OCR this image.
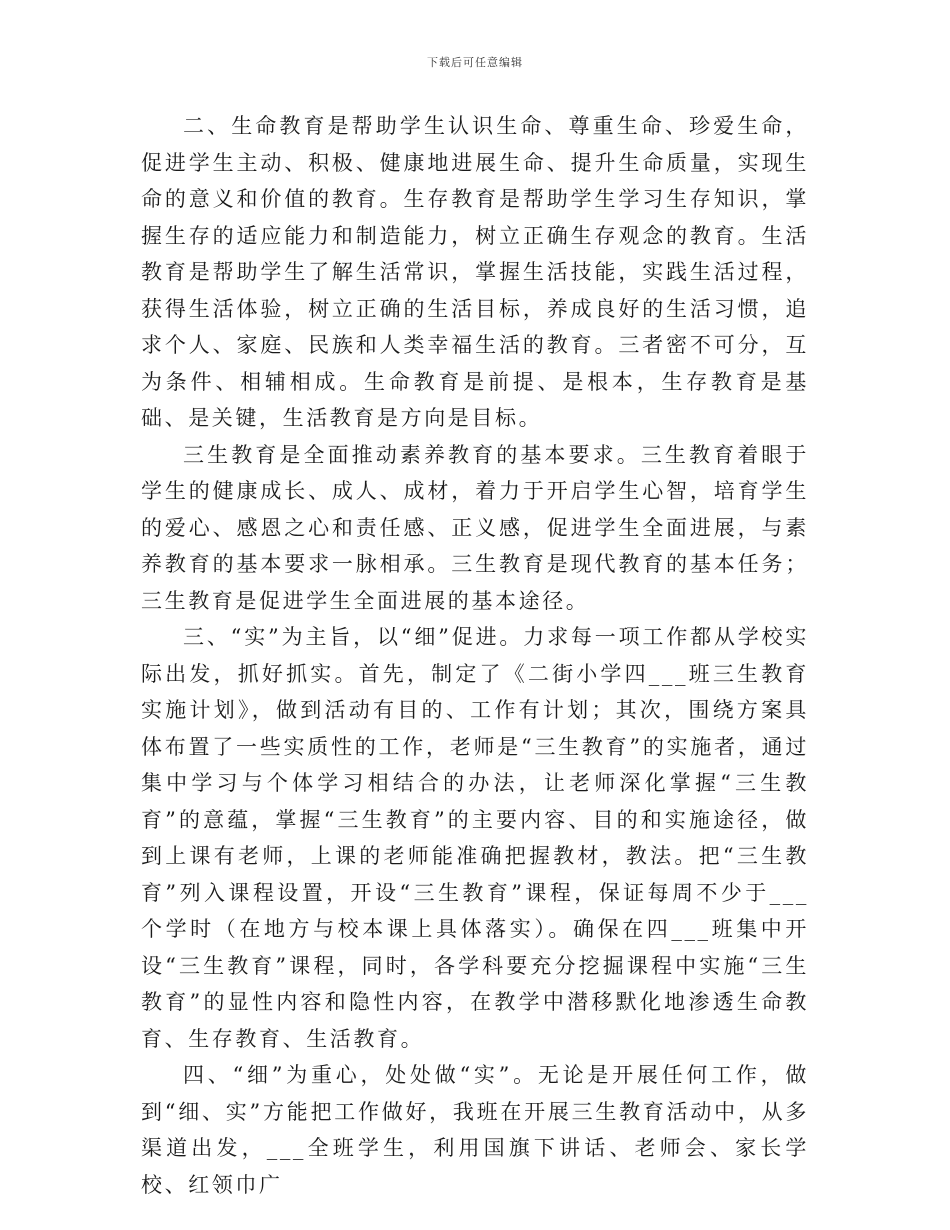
下载后可任意编辑

二、生命教育是帮助学生认识生命、尊重生命、珍爱生命，促进学生主动、积极、健康地进展生命、提升生命质量，实现生命的意义和价值的教育。生存教育是帮助学生学习生存知识，掌握生存的适应能力和制造能力，树立正确生存观念的教育。生活教育是帮助学生了解生活常识，掌握生活技能，实践生活过程，获得生活体验，树立正确的生活目标，养成良好的生活习惯，追求个人、家庭、民族和人类幸福生活的教育。三者密不可分，互为条件、相辅相成。生命教育是前提、是根本，生存教育是基础、是关键，生活教育是方向是目标。

三生教育是全面推动素养教育的基本要求。三生教育着眼于学生的健康成长、成人、成材，着力于开启学生心智，培育学生的爱心、感恩之心和责任感、正义感，促进学生全面进展，与素养教育的基本要求一脉相承。三生教育是现代教育的基本任务；三生教育是促进学生全面进展的基本途径。

三、“实”为主旨，以“细”促进。力求每一项工作都从学校实际出发，抓好抓实。首先，制定了《二街小学四___班三生教育实施计划》，做到活动有目的、工作有计划；其次，围绕方案具体布置了一些实质性的工作，老师是“三生教育”的实施者，通过集中学习与个体学习相结合的办法，让老师深化掌握“三生教育”的意蕴，掌握“三生教育”的主要内容、目的和实施途径，做到上课有老师，上课的老师能准确把握教材，教法。把“三生教育”列入课程设置，开设“三生教育”课程，保证每周不少于___个学时（在地方与校本课上具体落实）。确保在四___班集中开设“三生教育”课程，同时，各学科要充分挖掘课程中实施“三生教育”的显性内容和隐性内容，在教学中潜移默化地渗透生命教育、生存教育、生活教育。

四、“细”为重心，处处做“实”。无论是开展任何工作，做到“细、实”方能把工作做好，我班在开展三生教育活动中，从多渠道出发，___全班学生，利用国旗下讲话、老师会、家长学校、红领巾广
